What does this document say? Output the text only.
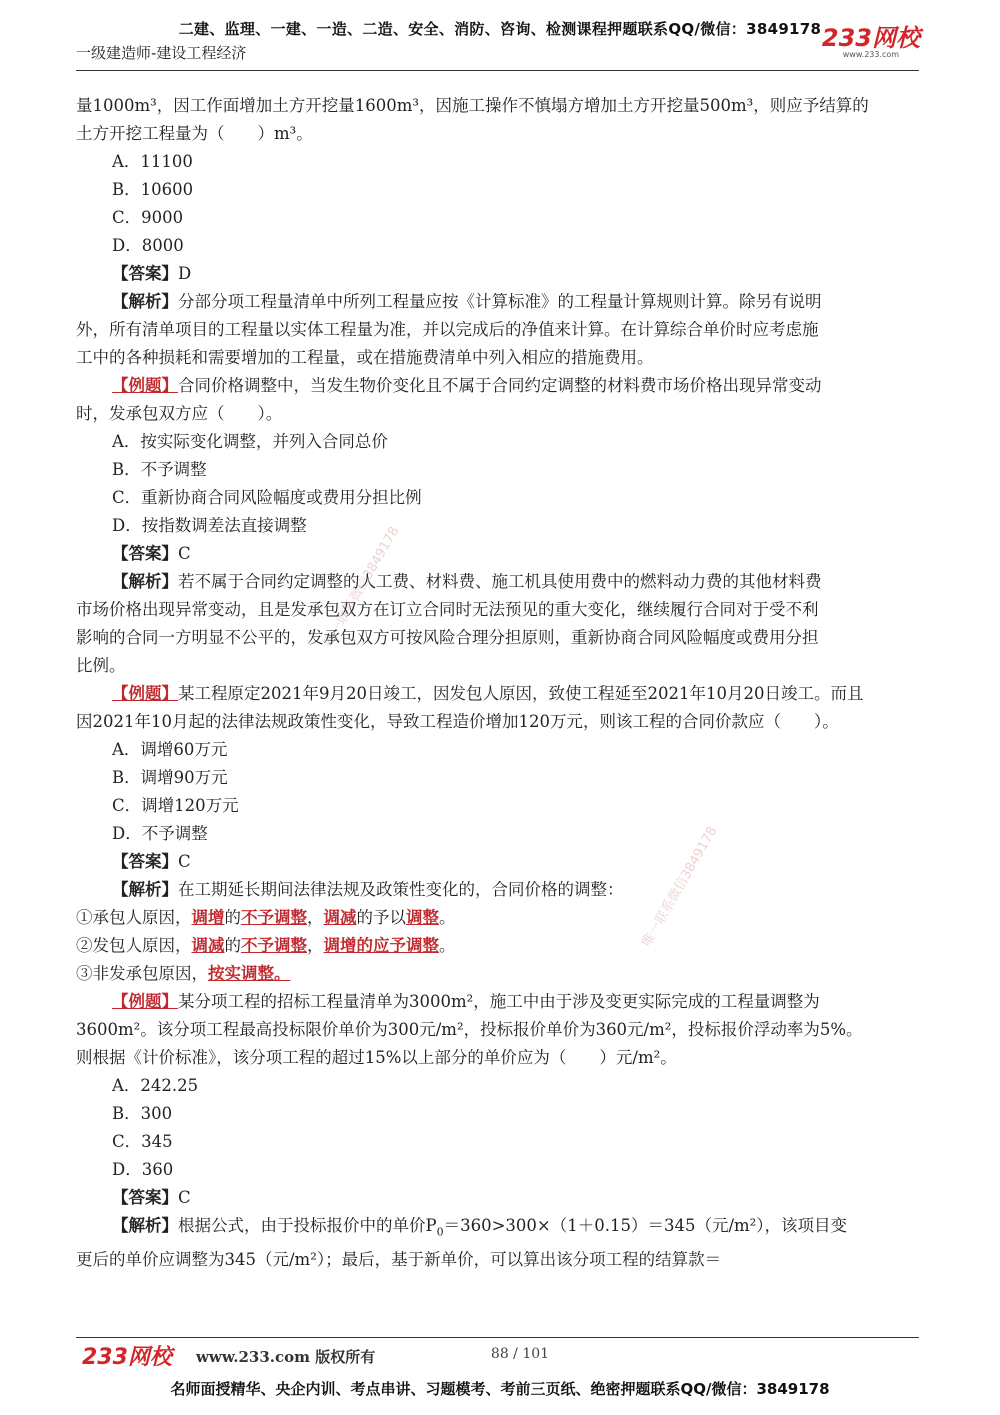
二建、监理、一建、一造、二造、安全、消防、咨询、检测课程押题联系QQ/微信：3849178
一级建造师-建设工程经济
233网校
www.233.com
唯一联系微信3849178
唯一联系微信3849178

量1000m³，因工作面增加土方开挖量1600m³，因施工操作不慎塌方增加土方开挖量500m³，则应予结算的

土方开挖工程量为（　　）m³。

A．11100

B．10600

C．9000

D．8000

【答案】D

【解析】分部分项工程量清单中所列工程量应按《计算标准》的工程量计算规则计算。除另有说明

外，所有清单项目的工程量以实体工程量为准，并以完成后的净值来计算。在计算综合单价时应考虑施

工中的各种损耗和需要增加的工程量，或在措施费清单中列入相应的措施费用。

【例题】合同价格调整中，当发生物价变化且不属于合同约定调整的材料费市场价格出现异常变动

时，发承包双方应（　　）。

A．按实际变化调整，并列入合同总价

B．不予调整

C．重新协商合同风险幅度或费用分担比例

D．按指数调差法直接调整

【答案】C

【解析】若不属于合同约定调整的人工费、材料费、施工机具使用费中的燃料动力费的其他材料费

市场价格出现异常变动，且是发承包双方在订立合同时无法预见的重大变化，继续履行合同对于受不利

影响的合同一方明显不公平的，发承包双方可按风险合理分担原则，重新协商合同风险幅度或费用分担

比例。

【例题】某工程原定2021年9月20日竣工，因发包人原因，致使工程延至2021年10月20日竣工。而且

因2021年10月起的法律法规政策性变化，导致工程造价增加120万元，则该工程的合同价款应（　　）。

A．调增60万元

B．调增90万元

C．调增120万元

D．不予调整

【答案】C

【解析】在工期延长期间法律法规及政策性变化的，合同价格的调整：

①承包人原因，调增的不予调整，调减的予以调整。

②发包人原因，调减的不予调整，调增的应予调整。

③非发承包原因，按实调整。

【例题】某分项工程的招标工程量清单为3000m²，施工中由于涉及变更实际完成的工程量调整为

3600m²。该分项工程最高投标限价单价为300元/m²，投标报价单价为360元/m²，投标报价浮动率为5%。

则根据《计价标准》，该分项工程的超过15%以上部分的单价应为（　　）元/m²。

A．242.25

B．300

C．345

D．360

【答案】C

【解析】根据公式，由于投标报价中的单价$P_0=360>300\times(1+0.15)=345$（元/m²），该项目变

更后的单价应调整为345（元/m²）；最后，基于新单价，可以算出该分项工程的结算款＝

233网校 www.233.com 版权所有	88 / 101
名师面授精华、央企内训、考点串讲、习题模考、考前三页纸、绝密押题联系QQ/微信：3849178
